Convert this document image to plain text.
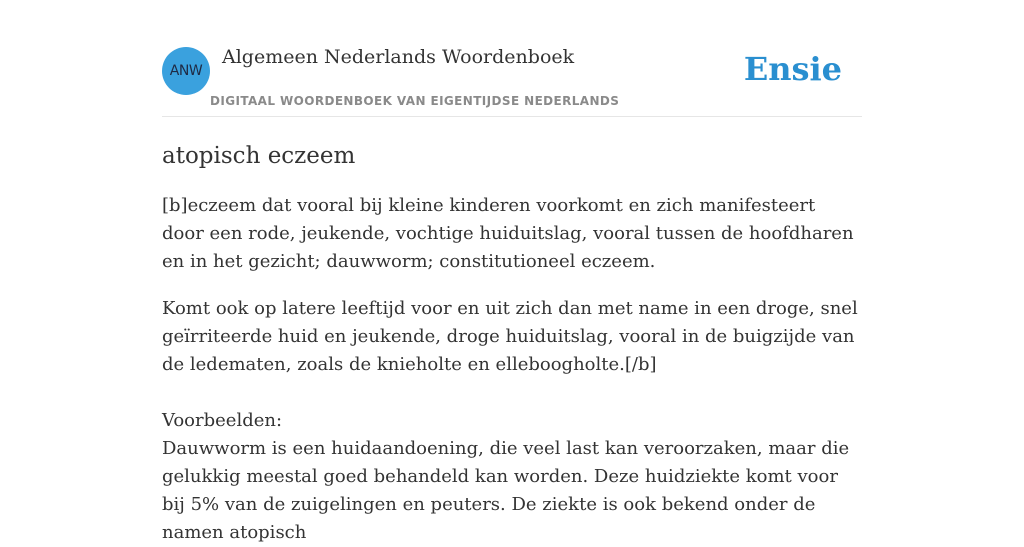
ANW
Algemeen Nederlands Woordenboek
DIGITAAL WOORDENBOEK VAN EIGENTIJDSE NEDERLANDS
Ensie
atopisch eczeem

[b]eczeem dat vooral bij kleine kinderen voorkomt en zich manifesteert door een rode, jeukende, vochtige huiduitslag, vooral tussen de hoofdharen en in het gezicht; dauwworm; constitutioneel eczeem.

Komt ook op latere leeftijd voor en uit zich dan met name in een droge, snel geïrriteerde huid en jeukende, droge huiduitslag, vooral in de buigzijde van de ledematen, zoals de knieholte en elleboogholte.[/b]

Voorbeelden:
Dauwworm is een huidaandoening, die veel last kan veroorzaken, maar die gelukkig meestal goed behandeld kan worden. Deze huidziekte komt voor bij 5% van de zuigelingen en peuters. De ziekte is ook bekend onder de namen atopisch
